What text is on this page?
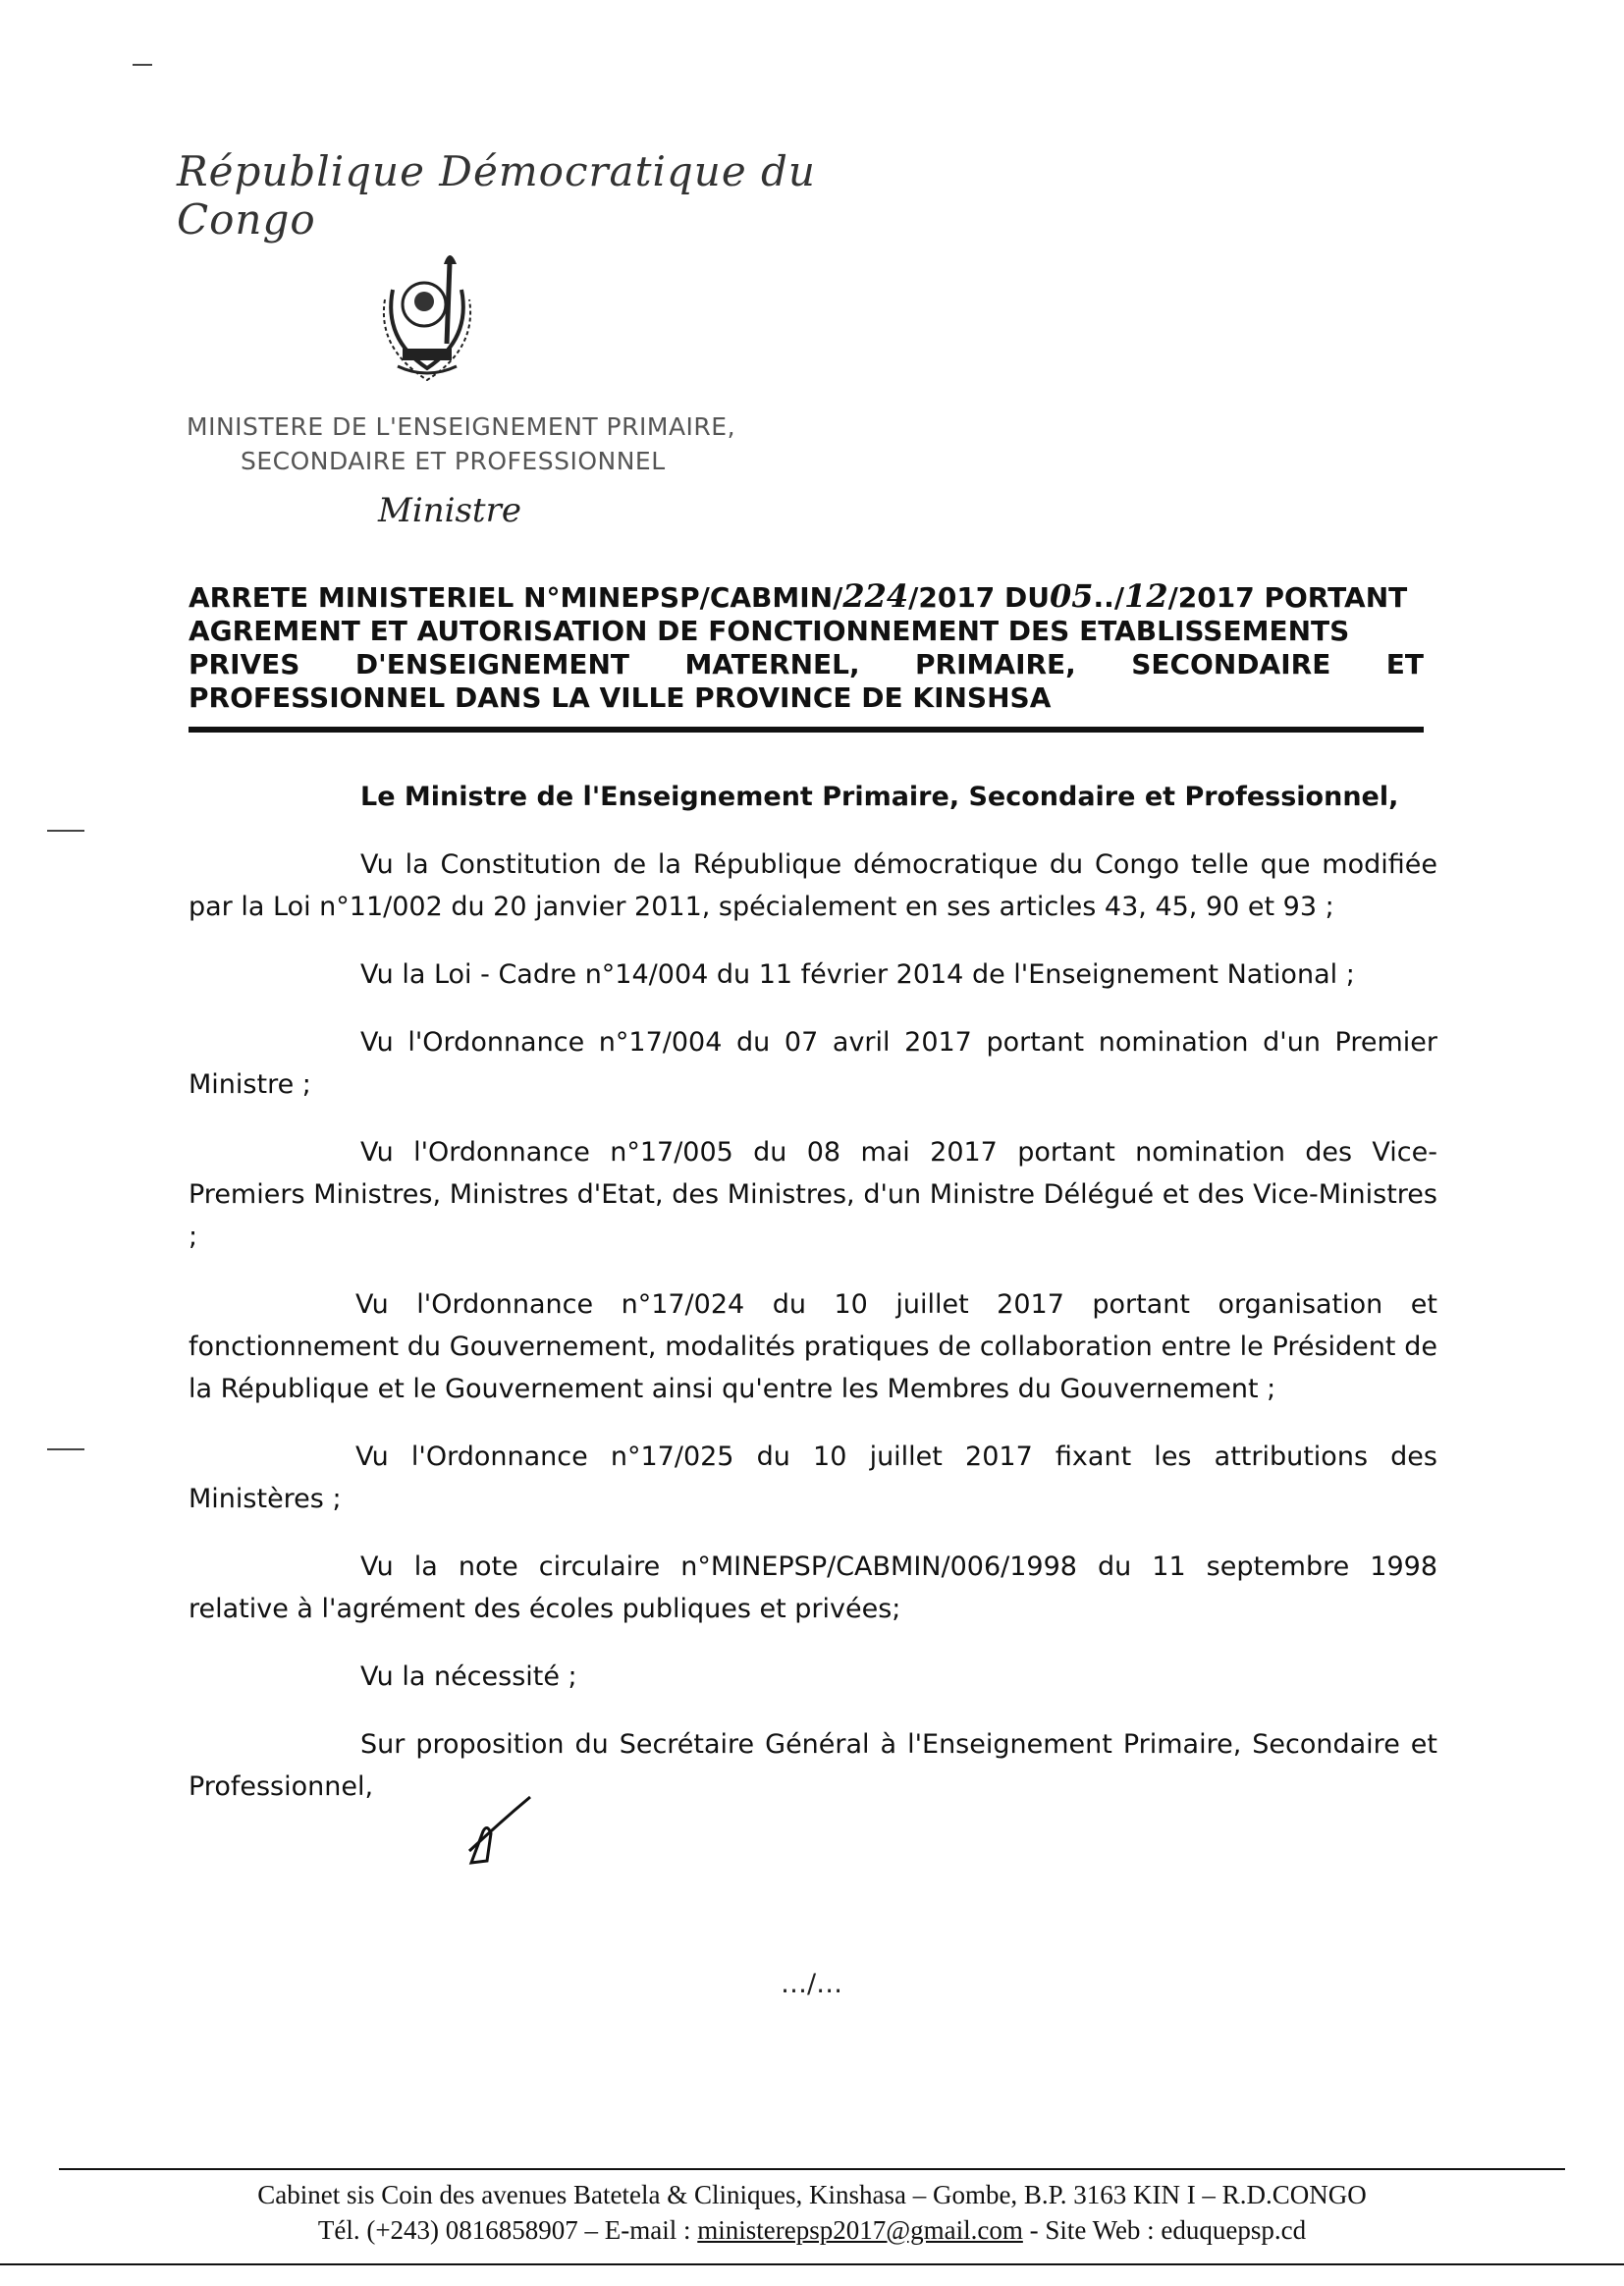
République Démocratique du Congo
MINISTERE DE L'ENSEIGNEMENT PRIMAIRE,
SECONDAIRE ET PROFESSIONNEL
Ministre
ARRETE MINISTERIEL N°MINEPSP/CABMIN/224/2017 DU05../12/2017 PORTANT
AGREMENT ET AUTORISATION DE FONCTIONNEMENT DES ETABLISSEMENTS
PRIVES D'ENSEIGNEMENT MATERNEL, PRIMAIRE, SECONDAIRE ET
PROFESSIONNEL DANS LA VILLE PROVINCE DE KINSHSA

Le Ministre de l'Enseignement Primaire, Secondaire et Professionnel,

Vu la Constitution de la République démocratique du Congo telle que modifiée par la Loi n°11/002 du 20 janvier 2011, spécialement en ses articles 43, 45, 90 et 93 ;

Vu la Loi - Cadre n°14/004 du 11 février 2014 de l'Enseignement National ;

Vu l'Ordonnance n°17/004 du 07 avril 2017 portant nomination d'un Premier Ministre ;

Vu l'Ordonnance n°17/005 du 08 mai 2017 portant nomination des Vice-Premiers Ministres, Ministres d'Etat, des Ministres, d'un Ministre Délégué et des Vice-Ministres ;

Vu l'Ordonnance n°17/024 du 10 juillet 2017 portant organisation et fonctionnement du Gouvernement, modalités pratiques de collaboration entre le Président de la République et le Gouvernement ainsi qu'entre les Membres du Gouvernement ;

Vu l'Ordonnance n°17/025 du 10 juillet 2017 fixant les attributions des Ministères ;

Vu la note circulaire n°MINEPSP/CABMIN/006/1998 du 11 septembre 1998 relative à l'agrément des écoles publiques et privées;

Vu la nécessité ;

Sur proposition du Secrétaire Général à l'Enseignement Primaire, Secondaire et Professionnel,

…/…
Cabinet sis Coin des avenues Batetela & Cliniques, Kinshasa – Gombe, B.P. 3163 KIN I – R.D.CONGO
Tél. (+243) 0816858907 – E-mail : ministerepsp2017@gmail.com - Site Web : eduquepsp.cd
